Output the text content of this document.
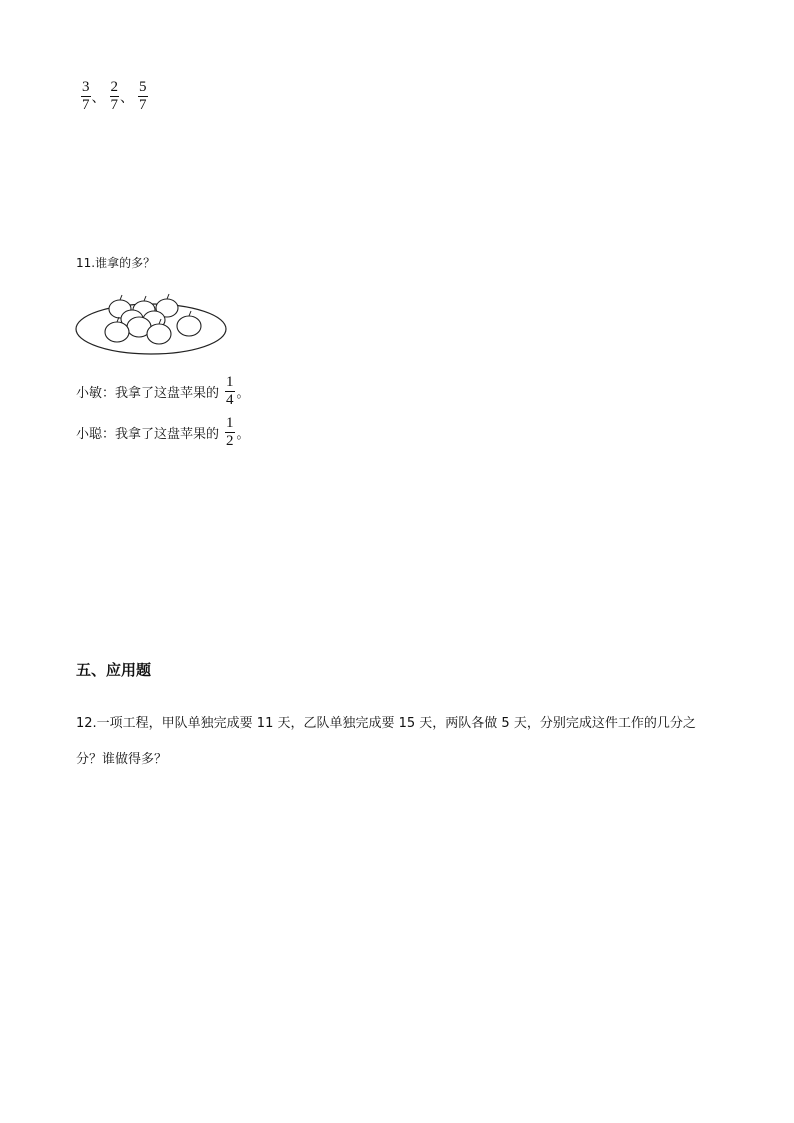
$\frac{3}{7}$ 、 $\frac{2}{7}$ 、 $\frac{5}{7}$
11.谁拿的多？
小敏：我拿了这盘苹果的 $\frac{1}{4}$ 。
小聪：我拿了这盘苹果的 $\frac{1}{2}$ 。
五、应用题
12.一项工程，甲队单独完成要 11 天，乙队单独完成要 15 天，两队各做 5 天，分别完成这件工作的几分之
分？谁做得多？
